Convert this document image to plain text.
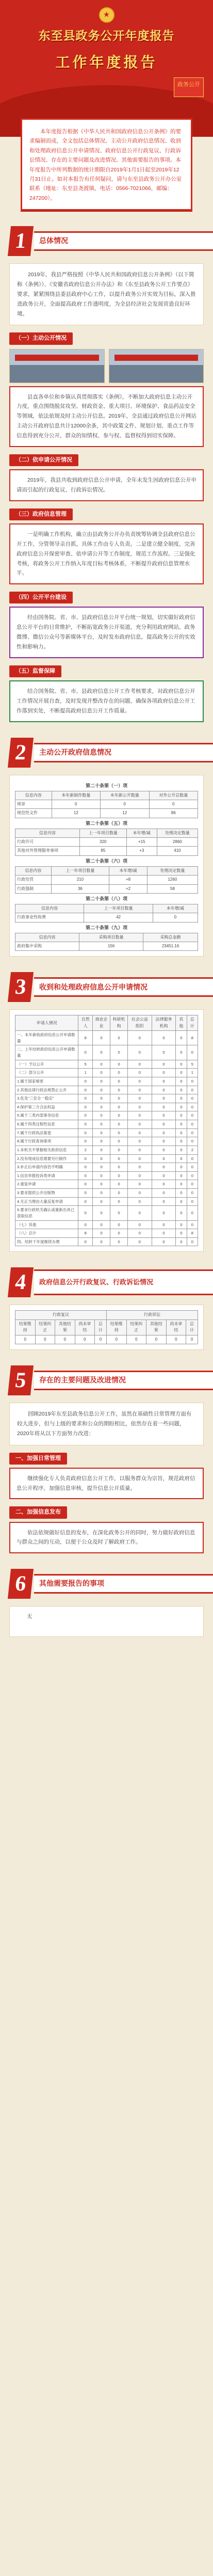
★
东至县政务公开年度报告
工作年度报告
政务公开
本年度报告根据《中华人民共和国政府信息公开条例》的要求编制而成，全文包括总体情况、主动公开政府信息情况、收到和处理政府信息公开申请情况、政府信息公开行政复议、行政诉讼情况、存在的主要问题及改进情况、其他需要报告的事项。本年度报告中所列数据的统计期限自2019年1月1日起至2019年12月31日止。如对本报告有任何疑问，请与东至县政务公开办公室联系（地址：东至县尧渡镇，电话：0566-7021066，邮编：247200）。
1	总体情况

2019年，我县严格按照《中华人民共和国政府信息公开条例》（以下简称《条例》）、《安徽省政府信息公开办法》和《东至县政务公开工作要点》要求，紧紧围绕县委县政府中心工作，以提升政务公开实效为目标，深入推进政务公开，全面提高政府工作透明度，为全县经济社会发展营造良好环境。

（一）主动公开情况

县直各单位和乡镇认真贯彻落实《条例》，不断加大政府信息主动公开力度，重点围绕脱贫攻坚、财政资金、重大项目、环境保护、食品药品安全等领域，依法依规及时主动公开信息。2019年，全县通过政府信息公开网站主动公开政府信息共计12000余条，其中政策文件、规划计划、重点工作等信息得到充分公开，群众的知情权、参与权、监督权得到切实保障。

（二）依申请公开情况

2019年，我县共收到政府信息公开申请，全年未发生因政府信息公开申请而引起的行政复议、行政诉讼情况。

（三）政府信息管理

一是明确工作机构，确立由县政务公开办负责统筹协调全县政府信息公开工作，分管领导亲自抓，具体工作由专人负责。二是建立健全制度，完善政府信息公开保密审查、依申请公开等工作制度，规范工作流程。三是强化考核，将政务公开工作纳入年度目标考核体系，不断提升政府信息管理水平。

（四）公开平台建设

经由国务院、省、市、县政府信息公开平台统一规划，切实做好政府信息公开平台的日常维护，不断拓宽政务公开渠道，充分利用政府网站、政务微博、微信公众号等新媒体平台，及时发布政府信息，提高政务公开的实效性和影响力。

（五）监督保障

结合国务院、省、市、县政府信息公开工作考核要求，对政府信息公开工作情况开展自查，及时发现并整改存在的问题，确保各项政府信息公开工作落到实处，不断提高政府信息公开工作质量。

2	主动公开政府信息情况
第二十条第（一）项
信息内容	本年新制作数量	本年新公开数量	对外公开总数量
规章	0	0	0
规范性文件	12	12	86
第二十条第（五）项
信息内容	上一年项目数量	本年增/减	处理决定数量
行政许可	320	+15	2860
其他对外管理服务事项	85	+3	410
第二十条第（六）项
信息内容	上一年项目数量	本年增/减	处理决定数量
行政处罚	210	+8	1260
行政强制	36	+2	58
第二十条第（八）项
信息内容	上一年项目数量	本年增/减
行政事业性收费	42	0
第二十条第（九）项
信息内容	采购项目数量	采购总金额
政府集中采购	156	23451.16
3	收到和处理政府信息公开申请情况
申请人情况	自然人	商业企业	科研机构	社会公益组织	法律服务机构	其他	总计
一、本年新收政府信息公开申请数量	8	0	0	0	0	0	8
二、上年结转政府信息公开申请数量	0	0	0	0	0	0	0
（一）予以公开	5	0	0	0	0	0	5
（二）部分公开	1	0	0	0	0	0	1
1.属于国家秘密	0	0	0	0	0	0	0
2.其他法律行政法规禁止公开	0	0	0	0	0	0	0
3.危及“三安全一稳定”	0	0	0	0	0	0	0
4.保护第三方合法权益	0	0	0	0	0	0	0
5.属于三类内部事务信息	0	0	0	0	0	0	0
6.属于四类过程性信息	0	0	0	0	0	0	0
7.属于行政执法案卷	0	0	0	0	0	0	0
8.属于行政查询事项	0	0	0	0	0	0	0
1.本机关不掌握相关政府信息	2	0	0	0	0	0	2
2.没有现成信息需要另行制作	0	0	0	0	0	0	0
3.补正后申请内容仍不明确	0	0	0	0	0	0	0
1.信访举报投诉类申请	0	0	0	0	0	0	0
2.重复申请	0	0	0	0	0	0	0
3.要求提供公开出版物	0	0	0	0	0	0	0
4.无正当理由大量反复申请	0	0	0	0	0	0	0
5.要求行政机关确认或重新出具已获取信息	0	0	0	0	0	0	0
（七）其他	0	0	0	0	0	0	0
（八）总计	8	0	0	0	0	0	8
四、结转下年度继续办理	0	0	0	0	0	0	0
4	政府信息公开行政复议、行政诉讼情况
行政复议					行政诉讼				
结果维持	结果纠正	其他结果	尚未审结	总计	结果维持	结果纠正	其他结果	尚未审结	总计
0	0	0	0	0	0	0	0	0	0
5	存在的主要问题及改进情况

回顾2019年东至县政务信息公开工作，虽然在基础性日常管理方面有较大进步，但与上级的要求和公众的期盼相比，依然存在着一些问题，2020年将从以下方面努力改进：

一、加强日常管理

继续强化专人负责政府信息公开工作，以服务群众为宗旨，规范政府信息公开程序，加强信息审核，提升信息公开质量。

二、加强信息发布

依法依规做好信息的发布，在深化政务公开的同时，努力做好政府信息与群众之间的互动，以便于公众及时了解政府工作。

6	其他需要报告的事项

无
